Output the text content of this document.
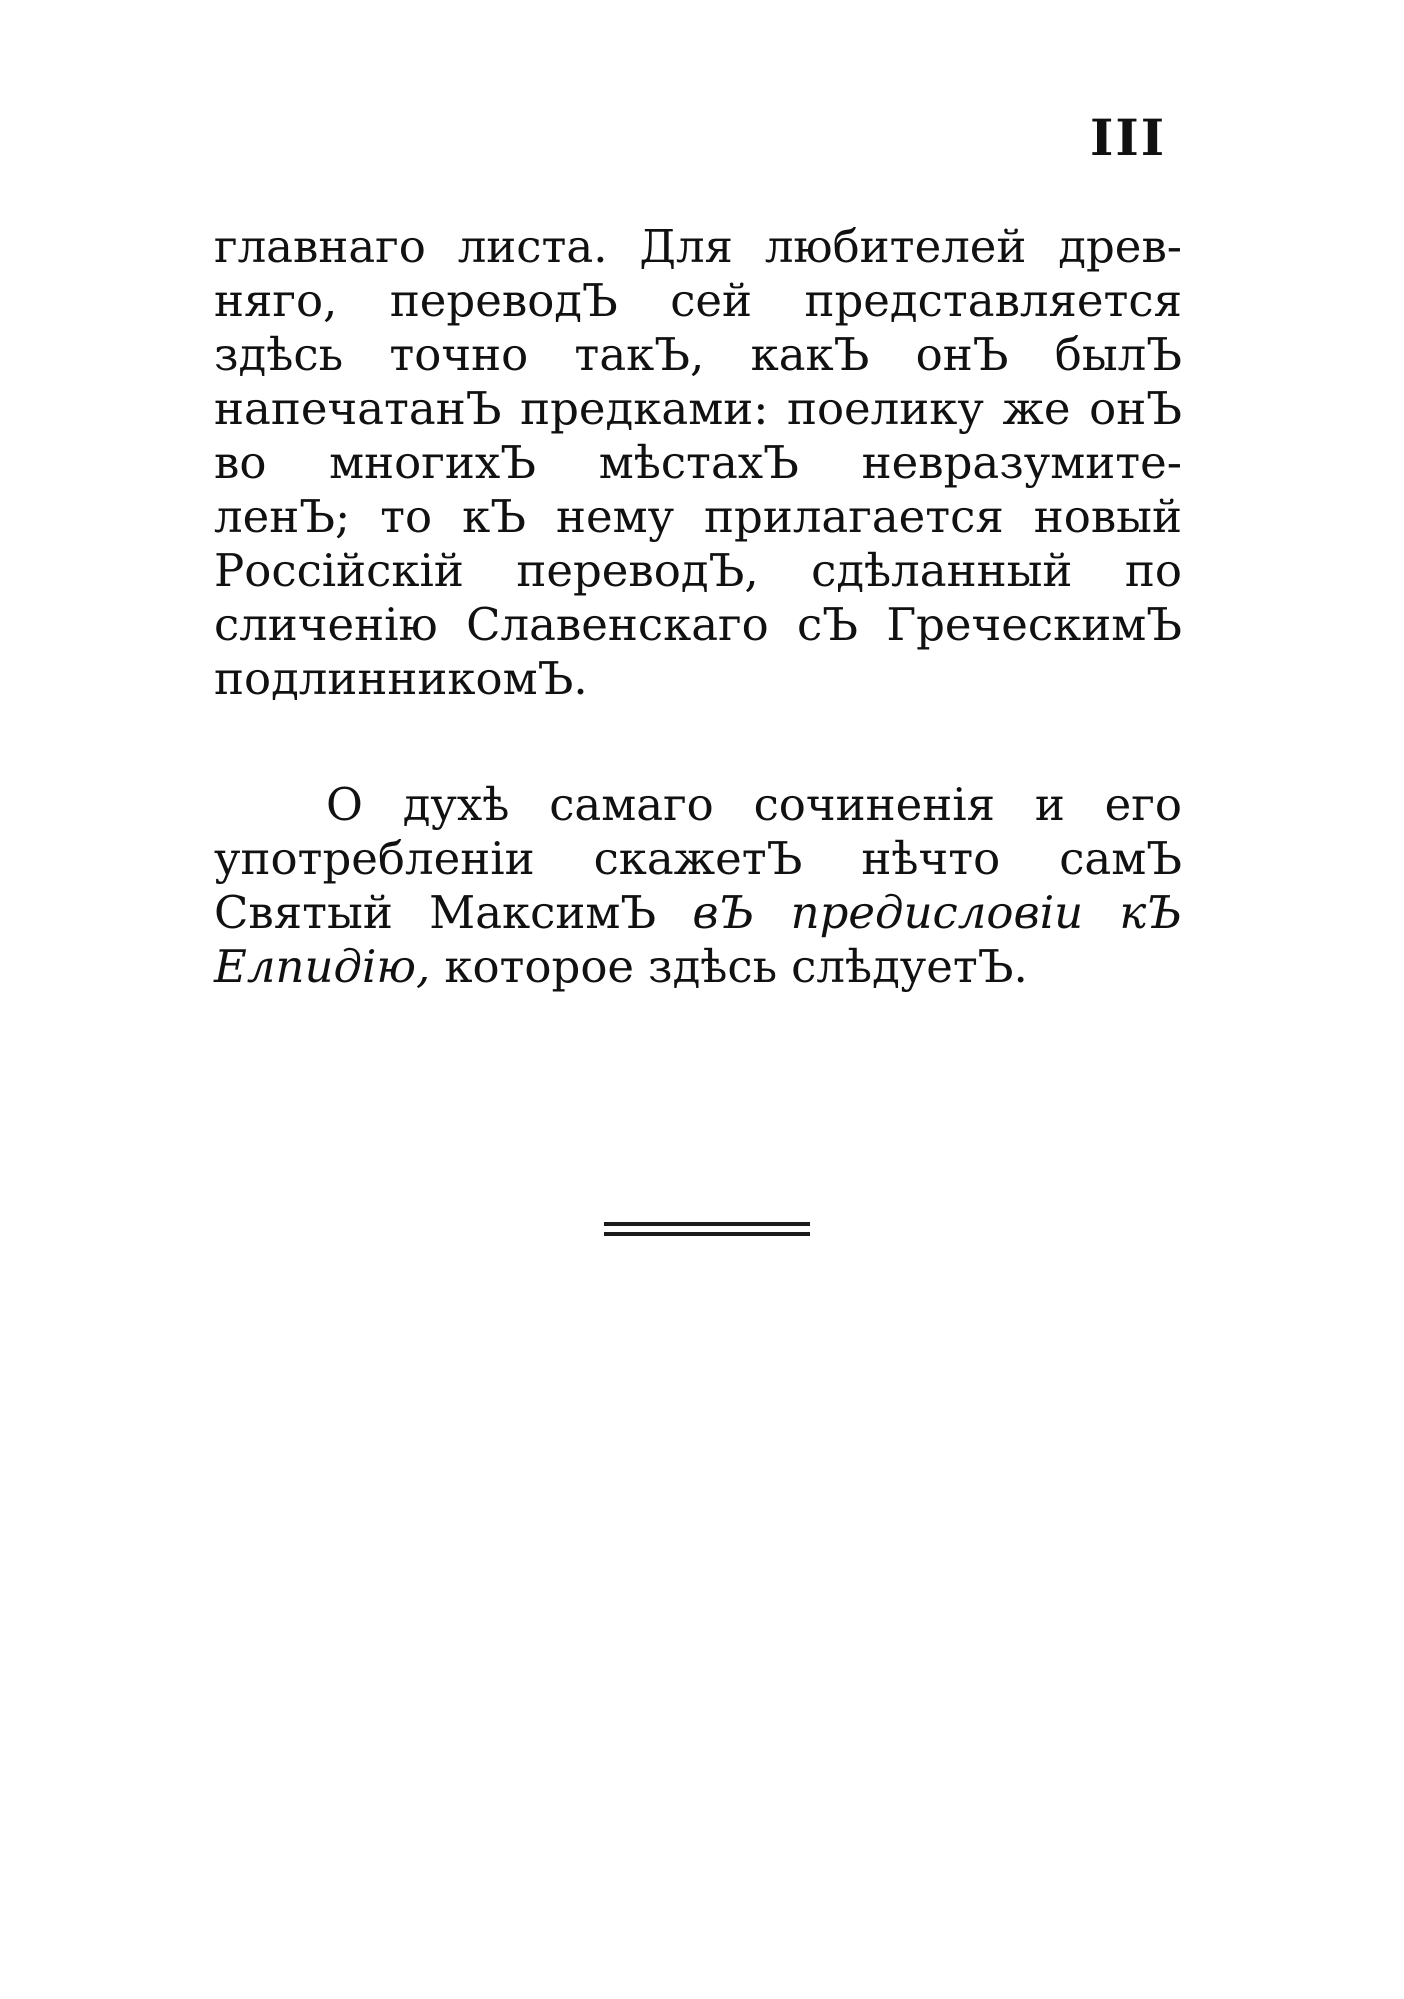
III
главнаго листа. Для любителей древ-
няго, переводЪ сей представляется
здѣсь точно такЪ, какЪ онЪ былЪ
напечатанЪ предками: поелику же онЪ
во многихЪ мѣстахЪ невразумите-
ленЪ; то кЪ нему прилагается новый
Россійскій переводЪ, сдѣланный по
сличенію Славенскаго сЪ ГреческимЪ
подлинникомЪ.
О духѣ самаго сочиненія и его
употребленіи скажетЪ нѣчто самЪ
Святый МаксимЪ вЪ предисловіи кЪ
Елпидію, которое здѣсь слѣдуетЪ.
